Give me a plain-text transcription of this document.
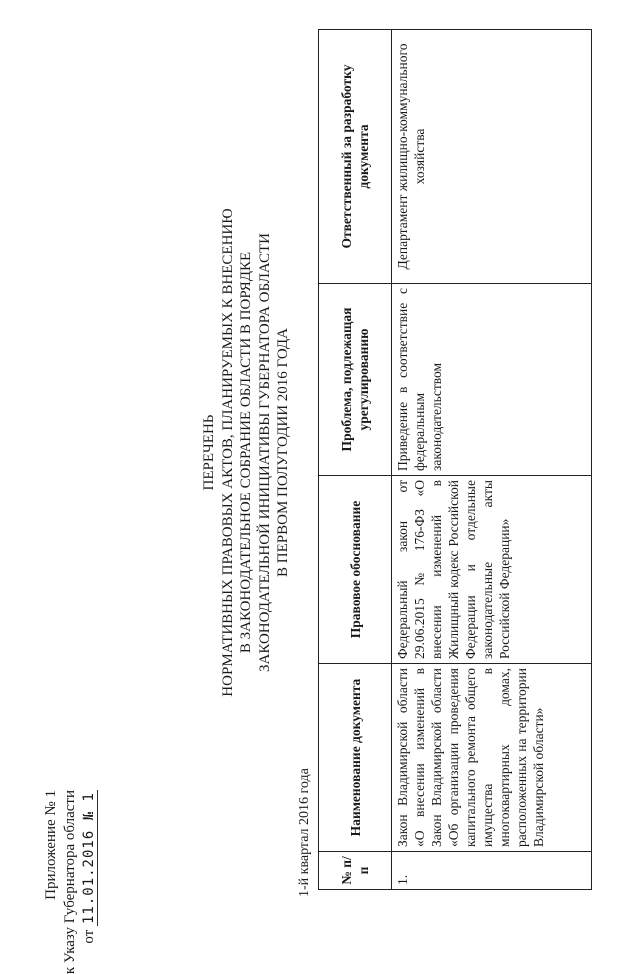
Приложение № 1 к Указу Губернатора области от 11.01.2016 № 1
ПЕРЕЧЕНЬ НОРМАТИВНЫХ ПРАВОВЫХ АКТОВ, ПЛАНИРУЕМЫХ К ВНЕСЕНИЮ В ЗАКОНОДАТЕЛЬНОЕ СОБРАНИЕ ОБЛАСТИ В ПОРЯДКЕ ЗАКОНОДАТЕЛЬНОЙ ИНИЦИАТИВЫ ГУБЕРНАТОРА ОБЛАСТИ В ПЕРВОМ ПОЛУГОДИИ 2016 ГОДА
1-й квартал 2016 года № п/п	Наименование документа	Правовое обоснование	Проблема, подлежащая урегулированию	Ответственный за разработку документа
1.	Закон Владимирской области «О внесении изменений в Закон Владимирской области «Об организации проведения капитального ремонта общего имущества в многоквартирных домах, расположенных на территории Владимирской области»	Федеральный закон от 29.06.2015 № 176-ФЗ «О внесении изменений в Жилищный кодекс Российской Федерации и отдельные законодательные акты Российской Федерации»	Приведение в соответствие с федеральным законодательством	Департамент жилищно-коммунального хозяйства
